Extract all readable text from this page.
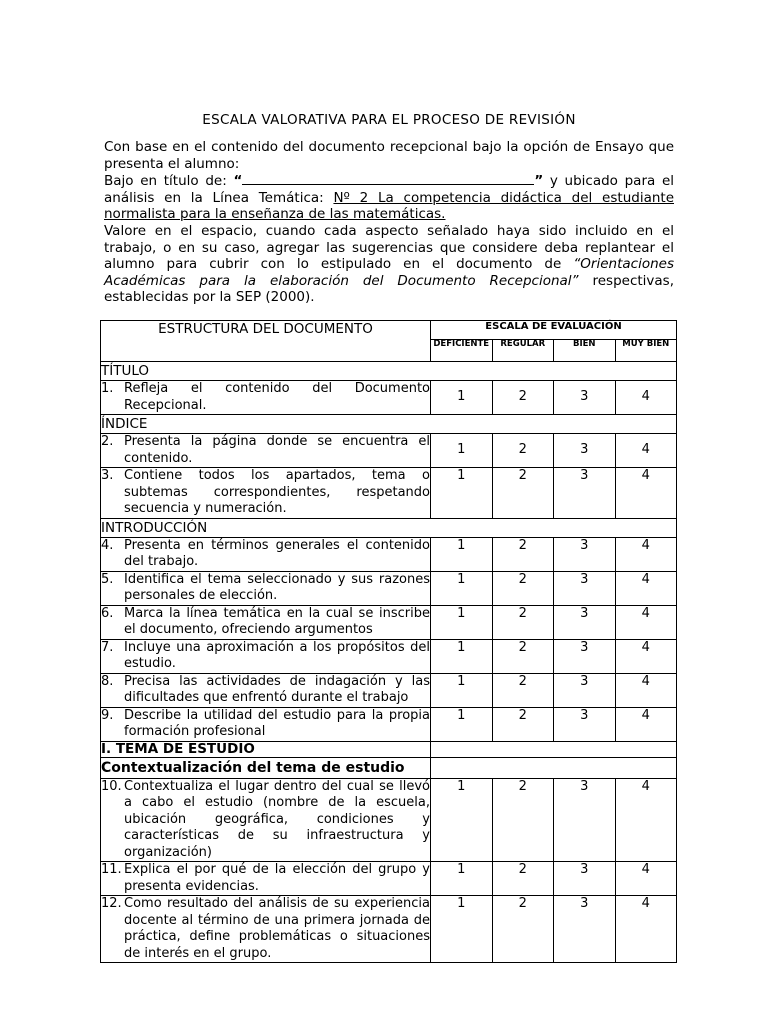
ESCALA VALORATIVA PARA EL PROCESO DE REVISIÓN

Con base en el contenido del documento recepcional bajo la opción de Ensayo que presenta el alumno:

Bajo en título de: “	” y ubicado para el análisis en la Línea Temática: Nº 2 La competencia didáctica del estudiante normalista para la enseñanza de las matemáticas.

Valore en el espacio, cuando cada aspecto señalado haya sido incluido en el trabajo, o en su caso, agregar las sugerencias que considere deba replantear el alumno para cubrir con lo estipulado en el documento de “Orientaciones Académicas para la elaboración del Documento Recepcional” respectivas, establecidas por la SEP (2000).

ESTRUCTURA DEL DOCUMENTO	ESCALA DE EVALUACIÓN			
	DEFICIENTE	REGULAR	BIEN	MUY BIEN
TÍTULO				

1. Refleja el contenido del Documento Recepcional.	1	2	3	4
ÍNDICE				

2. Presenta la página donde se encuentra el contenido.	1	2	3	4

3. Contiene todos los apartados, tema o subtemas correspondientes, respetando secuencia y numeración.	1	2	3	4
INTRODUCCIÓN				

4. Presenta en términos generales el contenido del trabajo.	1	2	3	4

5. Identifica el tema seleccionado y sus razones personales de elección.	1	2	3	4

6. Marca la línea temática en la cual se inscribe el documento, ofreciendo argumentos	1	2	3	4

7. Incluye una aproximación a los propósitos del estudio.	1	2	3	4

8. Precisa las actividades de indagación y las dificultades que enfrentó durante el trabajo	1	2	3	4

9. Describe la utilidad del estudio para la propia formación profesional	1	2	3	4
I. TEMA DE ESTUDIO				
Contextualización del tema de estudio				

10. Contextualiza el lugar dentro del cual se llevó a cabo el estudio (nombre de la escuela, ubicación geográfica, condiciones y características de su infraestructura y organización)	1	2	3	4

11. Explica el por qué de la elección del grupo y presenta evidencias.	1	2	3	4

12. Como resultado del análisis de su experiencia docente al término de una primera jornada de práctica, define problemáticas o situaciones de interés en el grupo.	1	2	3	4
